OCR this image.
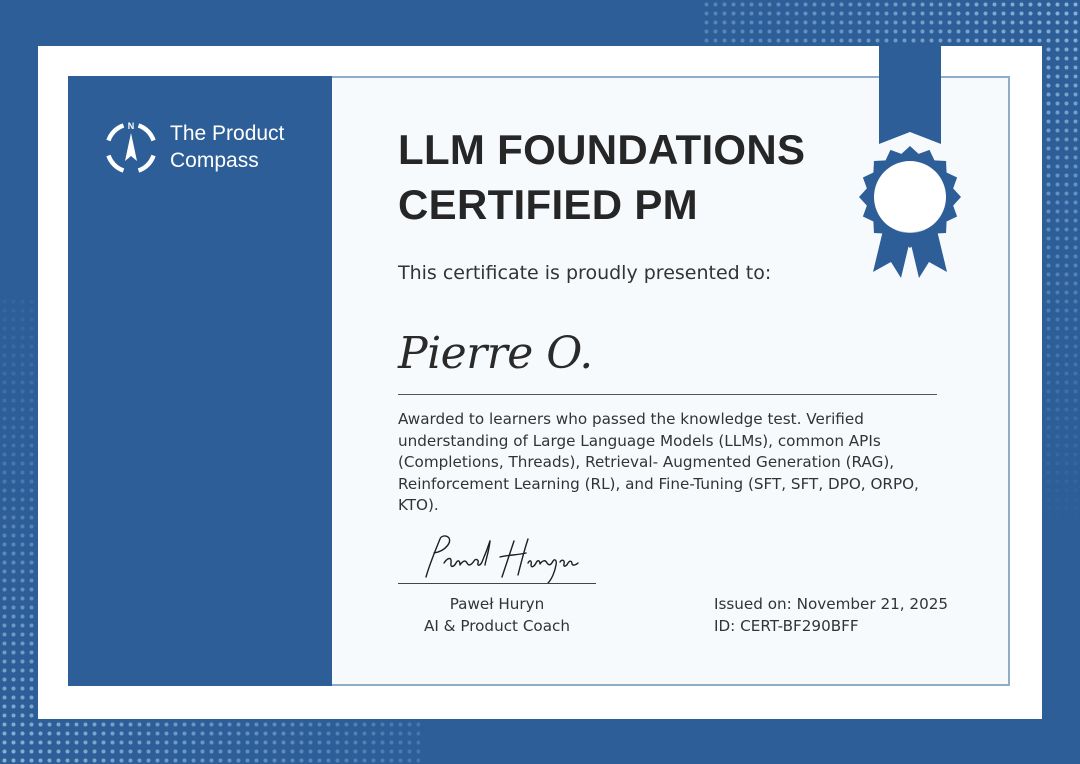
N The Product
Compass	LLM FOUNDATIONS
CERTIFIED PM
This certificate is proudly presented to:
Pierre O.
Awarded to learners who passed the knowledge test. Verified understanding of Large Language Models (LLMs), common APIs (Completions, Threads), Retrieval- Augmented Generation (RAG), Reinforcement Learning (RL), and Fine-Tuning (SFT, SFT, DPO, ORPO, KTO).
Paweł Huryn
AI & Product Coach
Issued on: November 21, 2025
ID: CERT-BF290BFF
